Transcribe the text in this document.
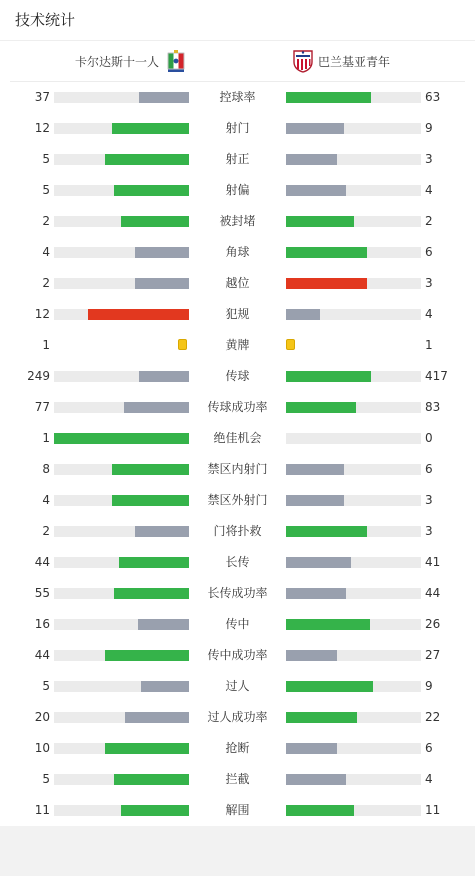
技术统计
卡尔达斯十一人	巴兰基亚青年
37	控球率	63
12	射门	9
5	射正	3
5	射偏	4
2	被封堵	2
4	角球	6
2	越位	3
12	犯规	4
1	黄牌	1
249	传球	417
77	传球成功率	83
1	绝佳机会	0
8	禁区内射门	6
4	禁区外射门	3
2	门将扑救	3
44	长传	41
55	长传成功率	44
16	传中	26
44	传中成功率	27
5	过人	9
20	过人成功率	22
10	抢断	6
5	拦截	4
11	解围	11
